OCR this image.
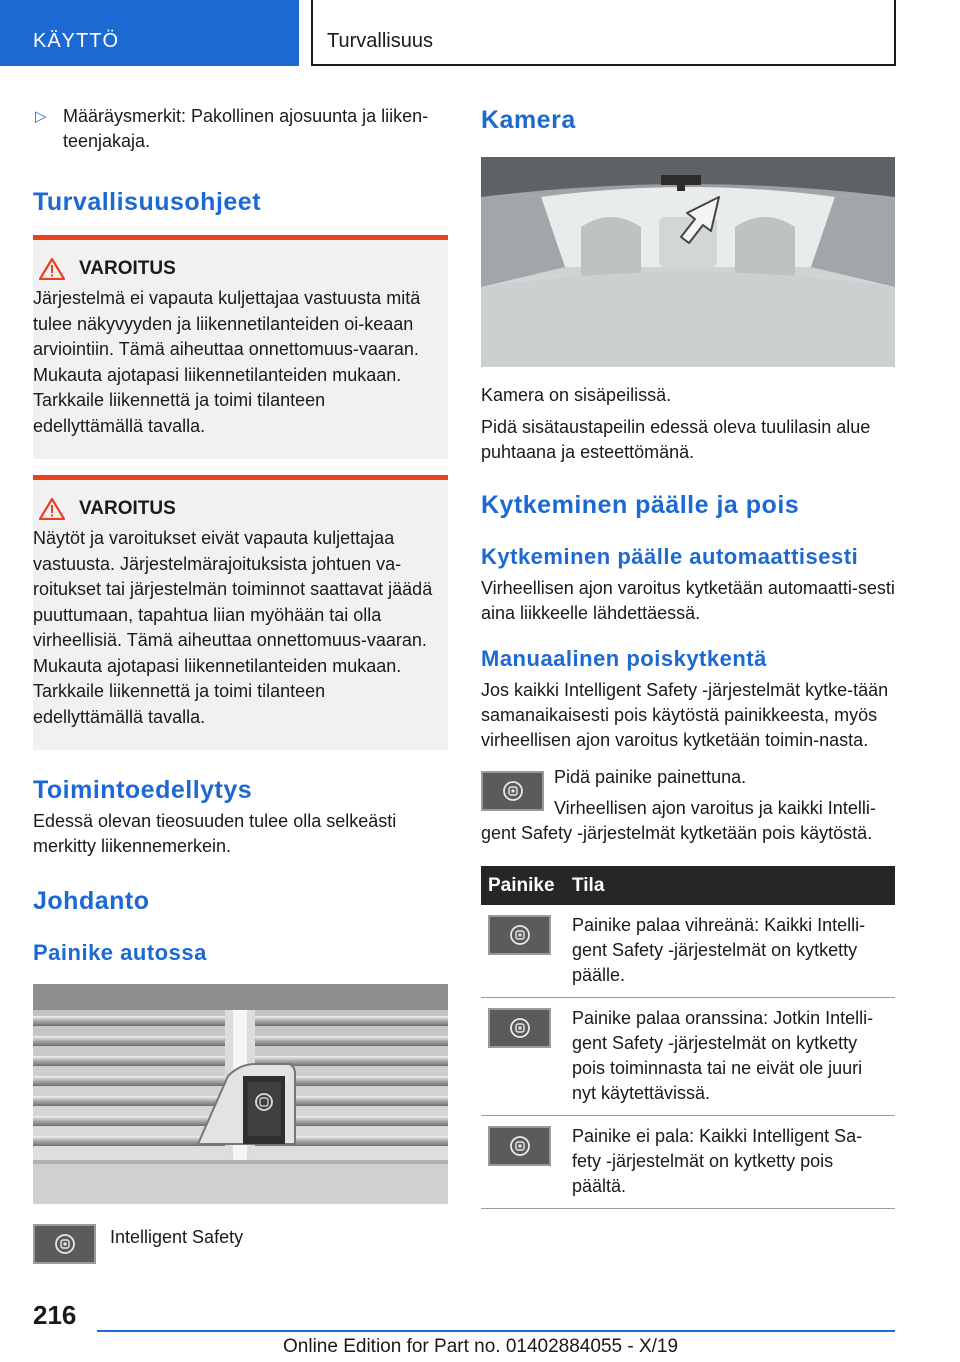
KÄYTTÖ	Turvallisuus
▷ Määräysmerkit: Pakollinen ajosuunta ja liiken-teenjakaja.
Turvallisuusohjeet
VAROITUS

Järjestelmä ei vapauta kuljettajaa vastuusta mitä tulee näkyvyyden ja liikennetilanteiden oi-keaan arviointiin. Tämä aiheuttaa onnettomuus-vaaran. Mukauta ajotapasi liikennetilanteiden mukaan. Tarkkaile liikennettä ja toimi tilanteen edellyttämällä tavalla.

VAROITUS

Näytöt ja varoitukset eivät vapauta kuljettajaa vastuusta. Järjestelmärajoituksista johtuen va-roitukset tai järjestelmän toiminnot saattavat jäädä puuttumaan, tapahtua liian myöhään tai olla virheellisiä. Tämä aiheuttaa onnettomuus-vaaran. Mukauta ajotapasi liikennetilanteiden mukaan. Tarkkaile liikennettä ja toimi tilanteen edellyttämällä tavalla.

Toimintoedellytys

Edessä olevan tieosuuden tulee olla selkeästi merkitty liikennemerkein.

Johdanto
Painike autossa

Intelligent Safety

Kamera

Kamera on sisäpeilissä.

Pidä sisätaustapeilin edessä oleva tuulilasin alue puhtaana ja esteettömänä.

Kytkeminen päälle ja pois
Kytkeminen päälle automaattisesti

Virheellisen ajon varoitus kytketään automaatti-sesti aina liikkeelle lähdettäessä.

Manuaalinen poiskytkentä

Jos kaikki Intelligent Safety -järjestelmät kytke-tään samanaikaisesti pois käytöstä painikkeesta, myös virheellisen ajon varoitus kytketään toimin-nasta.

Pidä painike painettuna.

Virheellisen ajon varoitus ja kaikki Intelli-gent Safety -järjestelmät kytketään pois käytöstä.

Painike	Tila

	Painike palaa vihreänä: Kaikki Intelli-gent Safety -järjestelmät on kytketty päälle.

	Painike palaa oranssina: Jotkin Intelli-gent Safety -järjestelmät on kytketty pois toiminnasta tai ne eivät ole juuri nyt käytettävissä.

	Painike ei pala: Kaikki Intelligent Sa-fety -järjestelmät on kytketty pois päältä.
216
Online Edition for Part no. 01402884055 - X/19
